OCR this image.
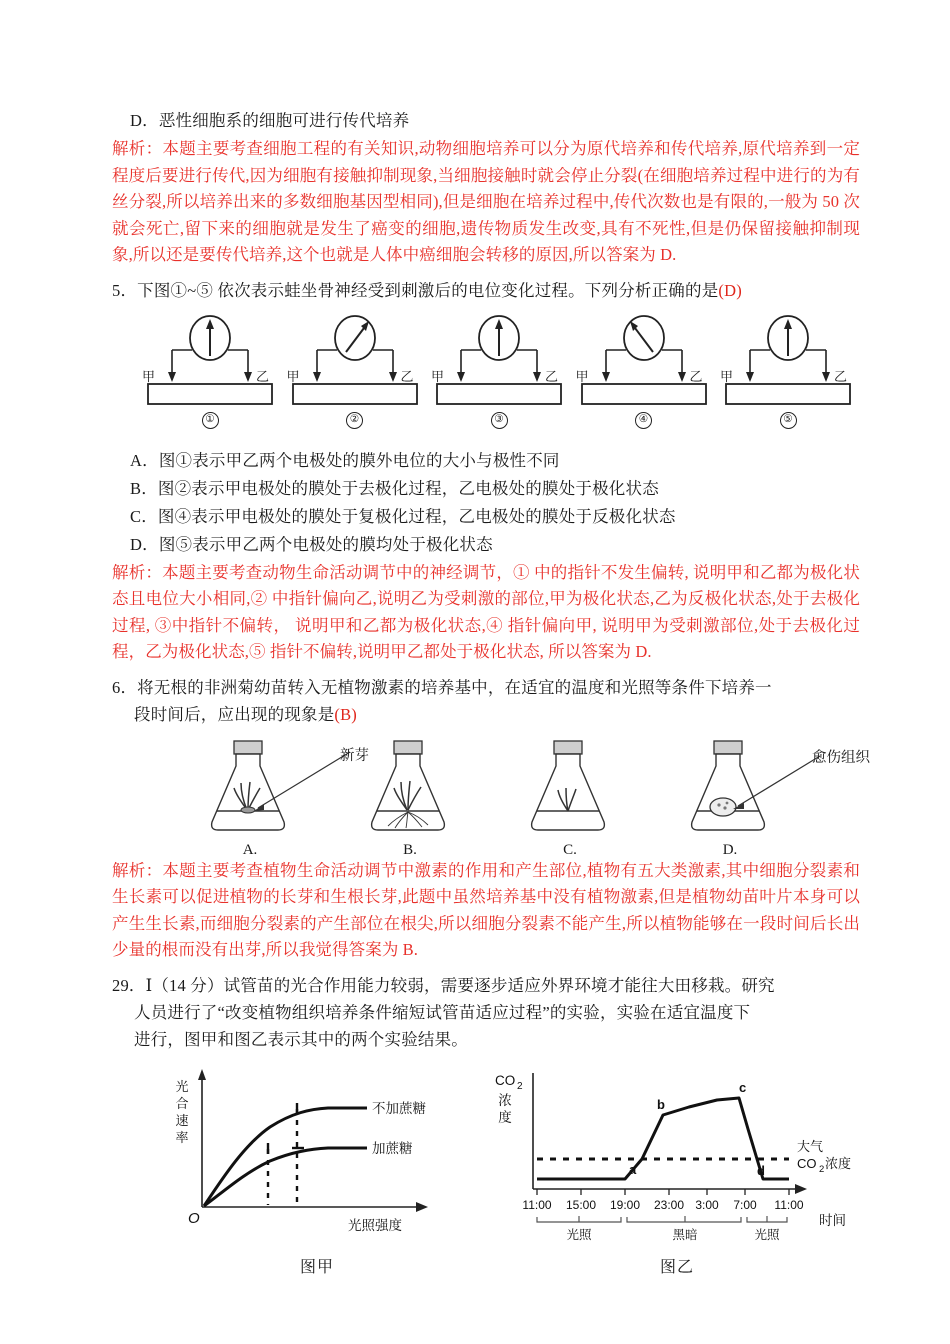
D．恶性细胞系的细胞可进行传代培养
解析：本题主要考查细胞工程的有关知识,动物细胞培养可以分为原代培养和传代培养,原代培养到一定程度后要进行传代,因为细胞有接触抑制现象,当细胞接触时就会停止分裂(在细胞培养过程中进行的为有丝分裂,所以培养出来的多数细胞基因型相同),但是细胞在培养过程中,传代次数也是有限的,一般为 50 次就会死亡,留下来的细胞就是发生了癌变的细胞,遗传物质发生改变,具有不死性,但是仍保留接触抑制现象,所以还是要传代培养,这个也就是人体中癌细胞会转移的原因,所以答案为 D.
5．下图①~⑤ 依次表示蛙坐骨神经受到刺激后的电位变化过程。下列分析正确的是(D)
甲	乙
①
甲	乙
②
甲	乙
③
甲	乙
④
甲	乙
⑤
A．图①表示甲乙两个电极处的膜外电位的大小与极性不同
B．图②表示甲电极处的膜处于去极化过程，乙电极处的膜处于极化状态
C．图④表示甲电极处的膜处于复极化过程，乙电极处的膜处于反极化状态
D．图⑤表示甲乙两个电极处的膜均处于极化状态
解析：本题主要考查动物生命活动调节中的神经调节，① 中的指针不发生偏转, 说明甲和乙都为极化状态且电位大小相同,② 中指针偏向乙,说明乙为受刺激的部位,甲为极化状态,乙为反极化状态,处于去极化过程, ③中指针不偏转， 说明甲和乙都为极化状态,④ 指针偏向甲, 说明甲为受刺激部位,处于去极化过程，乙为极化状态,⑤ 指针不偏转,说明甲乙都处于极化状态, 所以答案为 D.
6．将无根的非洲菊幼苗转入无植物激素的培养基中，在适宜的温度和光照等条件下培养一
段时间后，应出现的现象是(B)
A.
新芽
B.	C.	D.
愈伤组织
解析：本题主要考查植物生命活动调节中激素的作用和产生部位,植物有五大类激素,其中细胞分裂素和生长素可以促进植物的长芽和生根长芽,此题中虽然培养基中没有植物激素,但是植物幼苗叶片本身可以产生生长素,而细胞分裂素的产生部位在根尖,所以细胞分裂素不能产生,所以植物能够在一段时间后长出少量的根而没有出芽,所以我觉得答案为 B.
29．Ⅰ（14 分）试管苗的光合作用能力较弱，需要逐步适应外界环境才能往大田移栽。研究
人员进行了“改变植物组织培养条件缩短试管苗适应过程”的实验，实验在适宜温度下
进行，图甲和图乙表示其中的两个实验结果。
光
合
速
率
O	光照强度
不加蔗糖
加蔗糖
图甲
a
b
c
d
CO 2
浓
度
大气
CO 2 浓度
11:00 15:00 19:00 23:00 3:00 7:00 11:00
时间
光照	黑暗	光照
图乙
